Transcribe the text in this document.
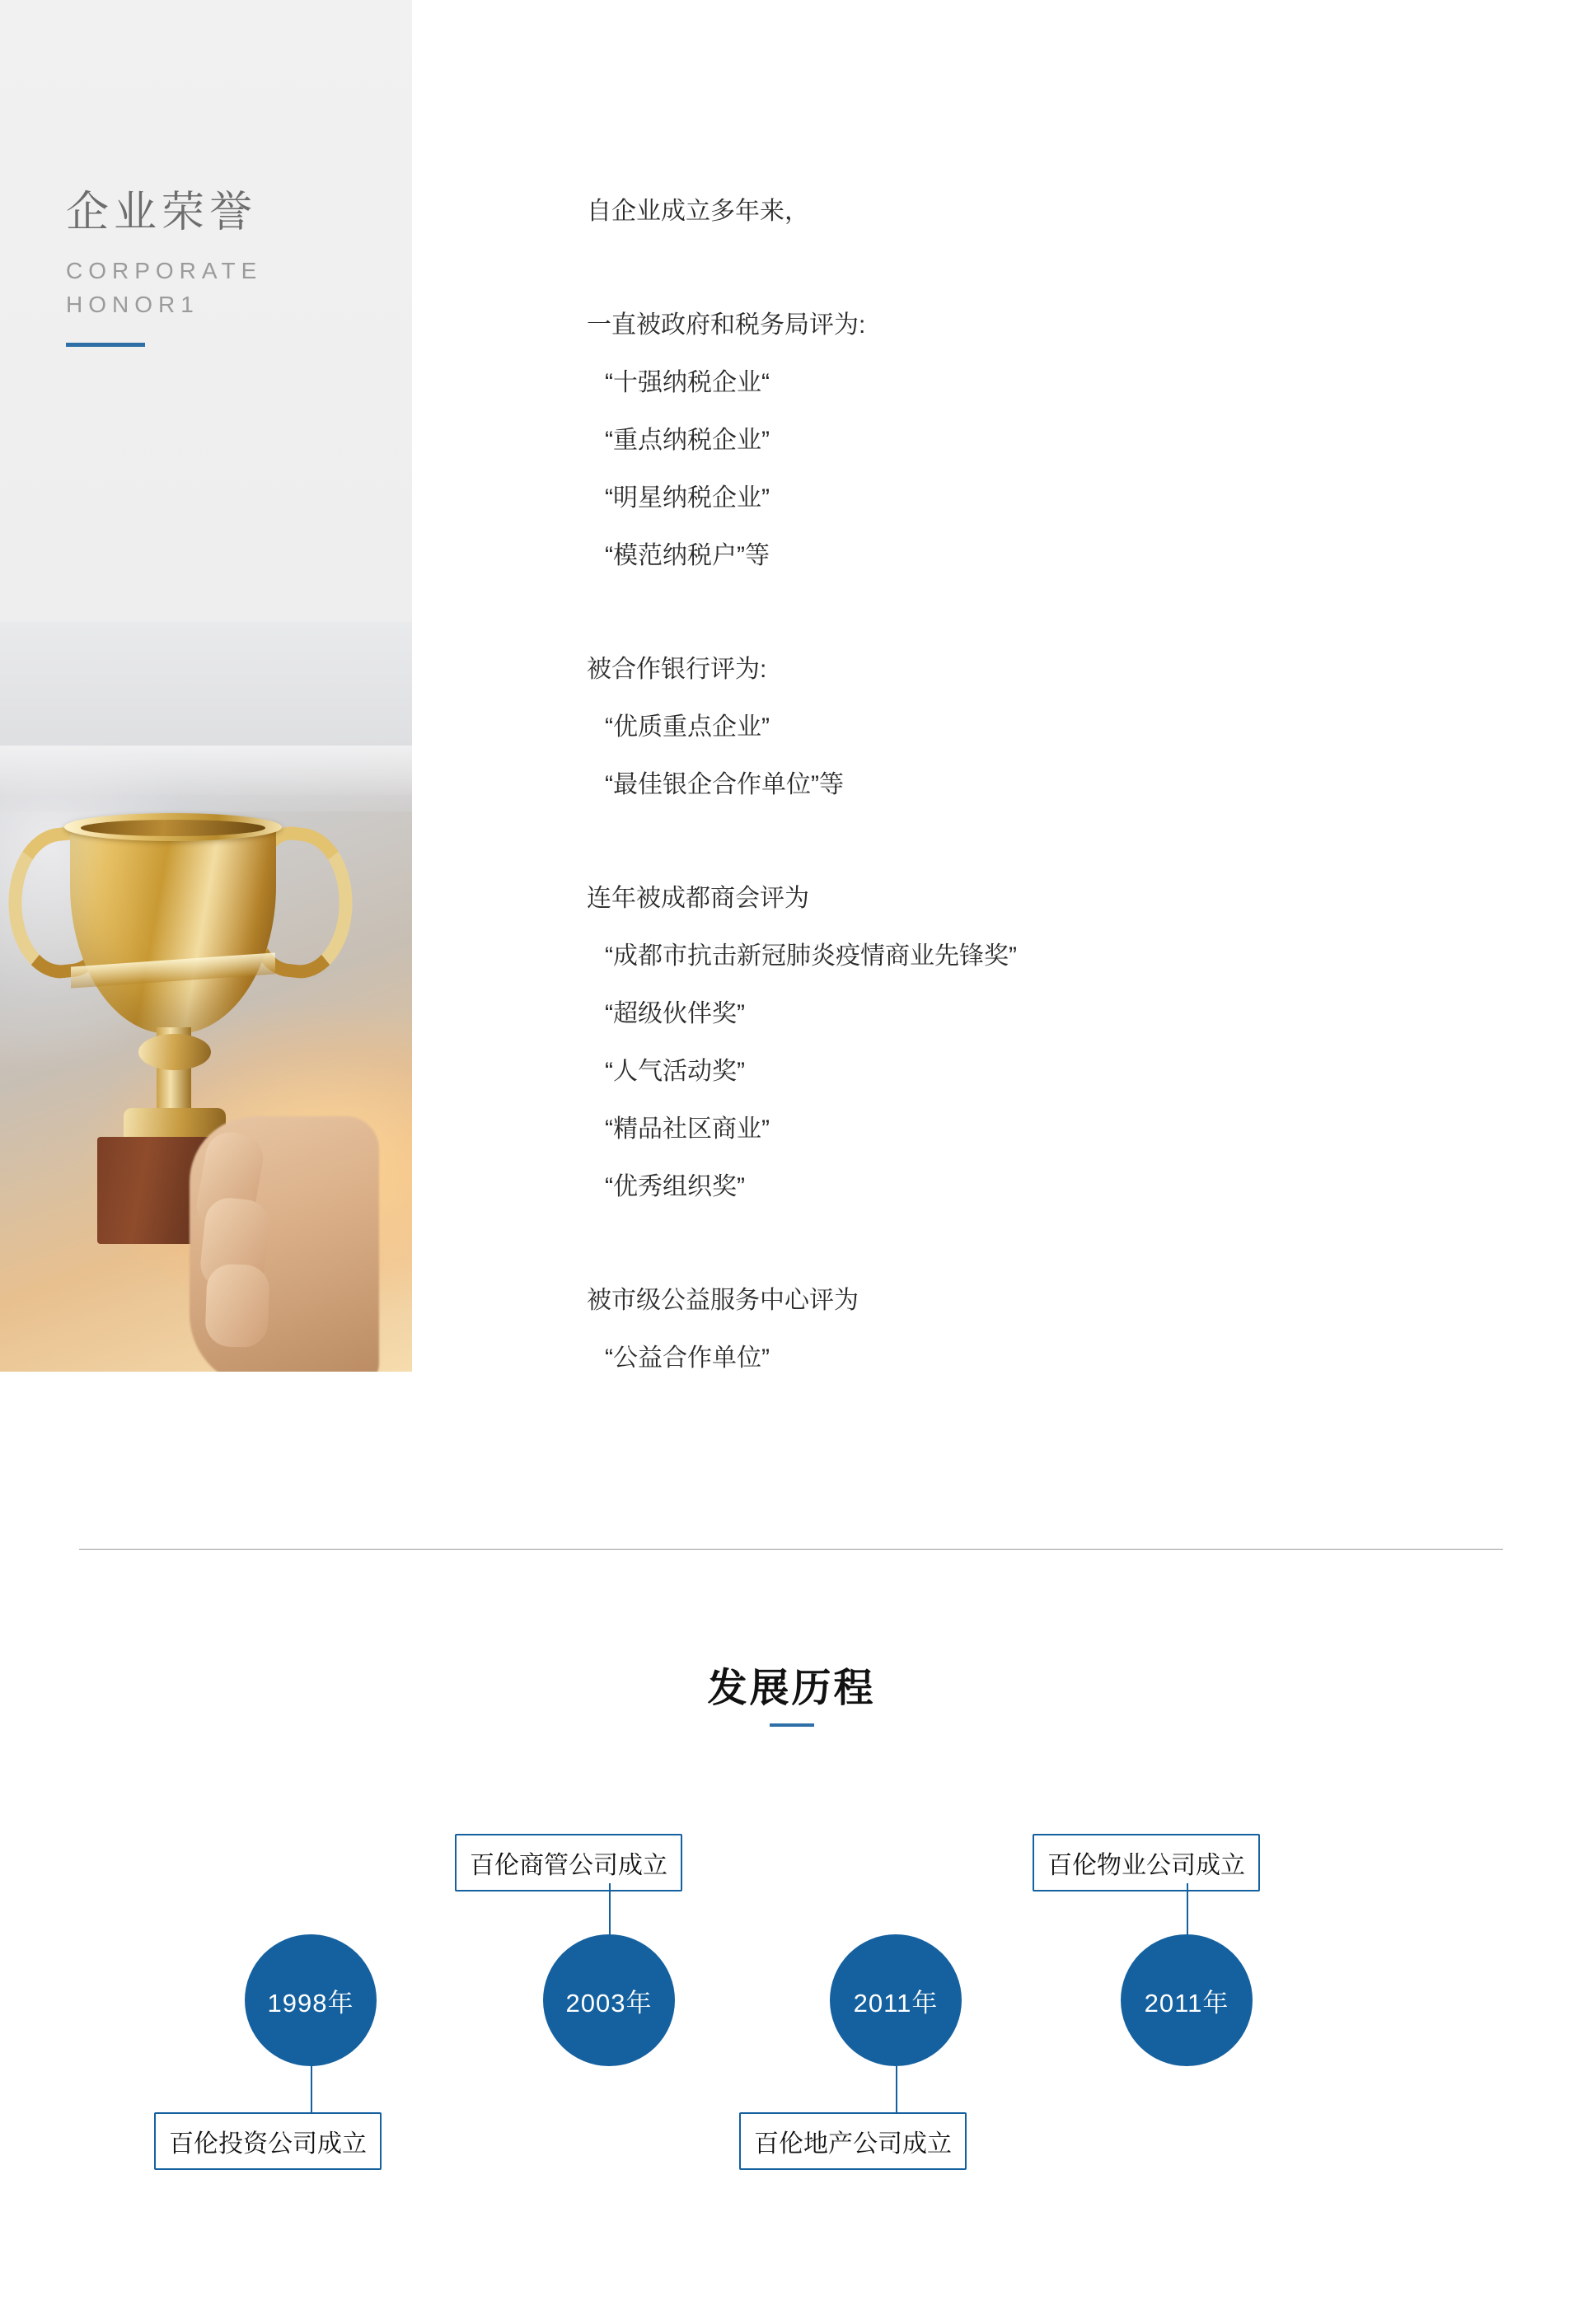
企业荣誉
CORPORATE
HONOR1
自企业成立多年来，
一直被政府和税务局评为:
“十强纳税企业“
“重点纳税企业”
“明星纳税企业”
“模范纳税户”等
被合作银行评为:
“优质重点企业”
“最佳银企合作单位”等
连年被成都商会评为
“成都市抗击新冠肺炎疫情商业先锋奖”
“超级伙伴奖”
“人气活动奖”
“精品社区商业”
“优秀组织奖”
被市级公益服务中心评为
“公益合作单位”
发展历程
1998年
百伦投资公司成立
百伦商管公司成立
2003年	2011年
百伦地产公司成立
百伦物业公司成立
2011年
